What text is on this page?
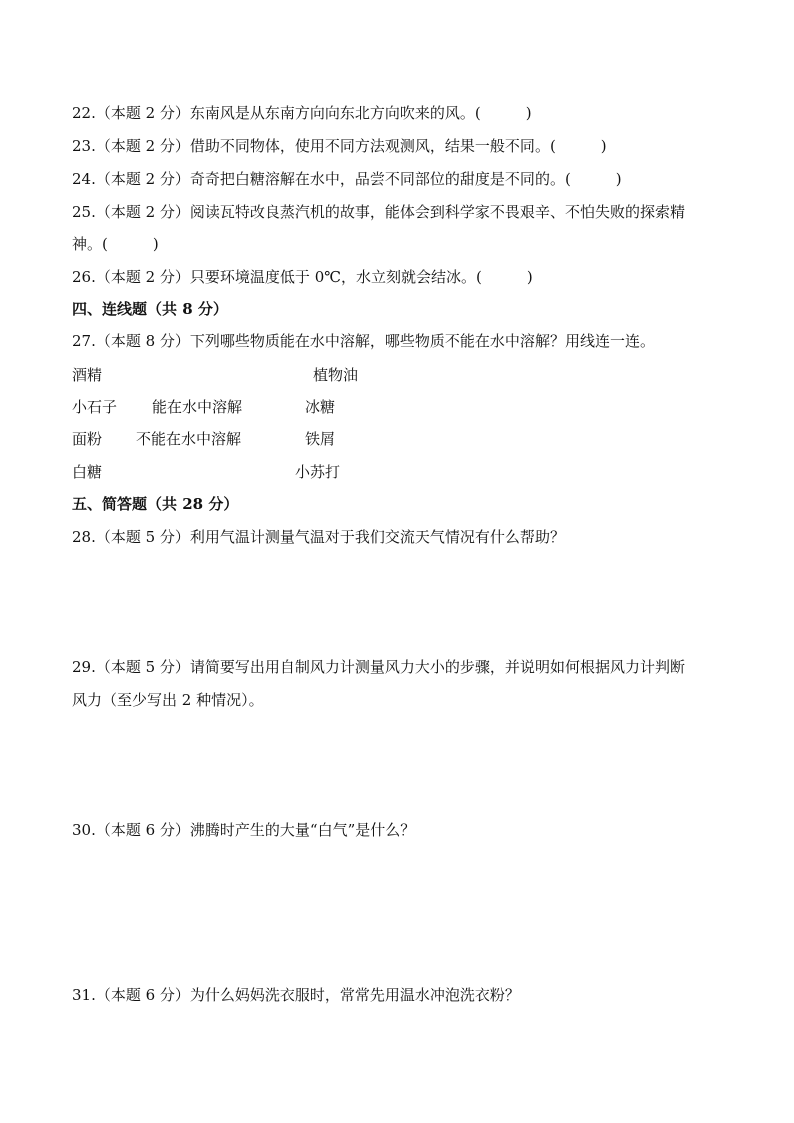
22.（本题 2 分）东南风是从东南方向向东北方向吹来的风。(　　　)
23.（本题 2 分）借助不同物体，使用不同方法观测风，结果一般不同。(　　　)
24.（本题 2 分）奇奇把白糖溶解在水中，品尝不同部位的甜度是不同的。(　　　)
25.（本题 2 分）阅读瓦特改良蒸汽机的故事，能体会到科学家不畏艰辛、不怕失败的探索精
神。(　　　)
26.（本题 2 分）只要环境温度低于 0℃，水立刻就会结冰。(　　　)
四、连线题（共 8 分）
27.（本题 8 分）下列哪些物质能在水中溶解，哪些物质不能在水中溶解？用线连一连。
酒精	植物油
小石子 能在水中溶解	冰糖
面粉 不能在水中溶解	铁屑
白糖	小苏打
五、简答题（共 28 分）
28.（本题 5 分）利用气温计测量气温对于我们交流天气情况有什么帮助？
29.（本题 5 分）请简要写出用自制风力计测量风力大小的步骤，并说明如何根据风力计判断
风力（至少写出 2 种情况）。
30.（本题 6 分）沸腾时产生的大量“白气”是什么？
31.（本题 6 分）为什么妈妈洗衣服时，常常先用温水冲泡洗衣粉？
